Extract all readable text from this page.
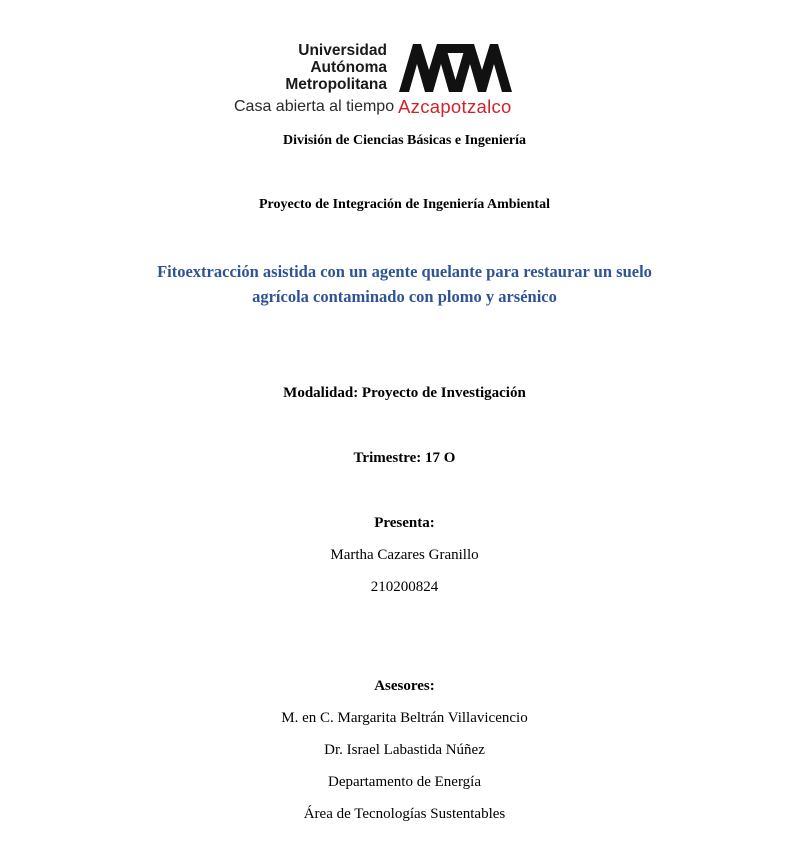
Universidad
Autónoma
Metropolitana
Casa abierta al tiempo Azcapotzalco
División de Ciencias Básicas e Ingeniería
Proyecto de Integración de Ingeniería Ambiental
Fitoextracción asistida con un agente quelante para restaurar un suelo
agrícola contaminado con plomo y arsénico
Modalidad: Proyecto de Investigación
Trimestre: 17 O
Presenta:
Martha Cazares Granillo
210200824
Asesores:
M. en C. Margarita Beltrán Villavicencio
Dr. Israel Labastida Núñez
Departamento de Energía
Área de Tecnologías Sustentables
